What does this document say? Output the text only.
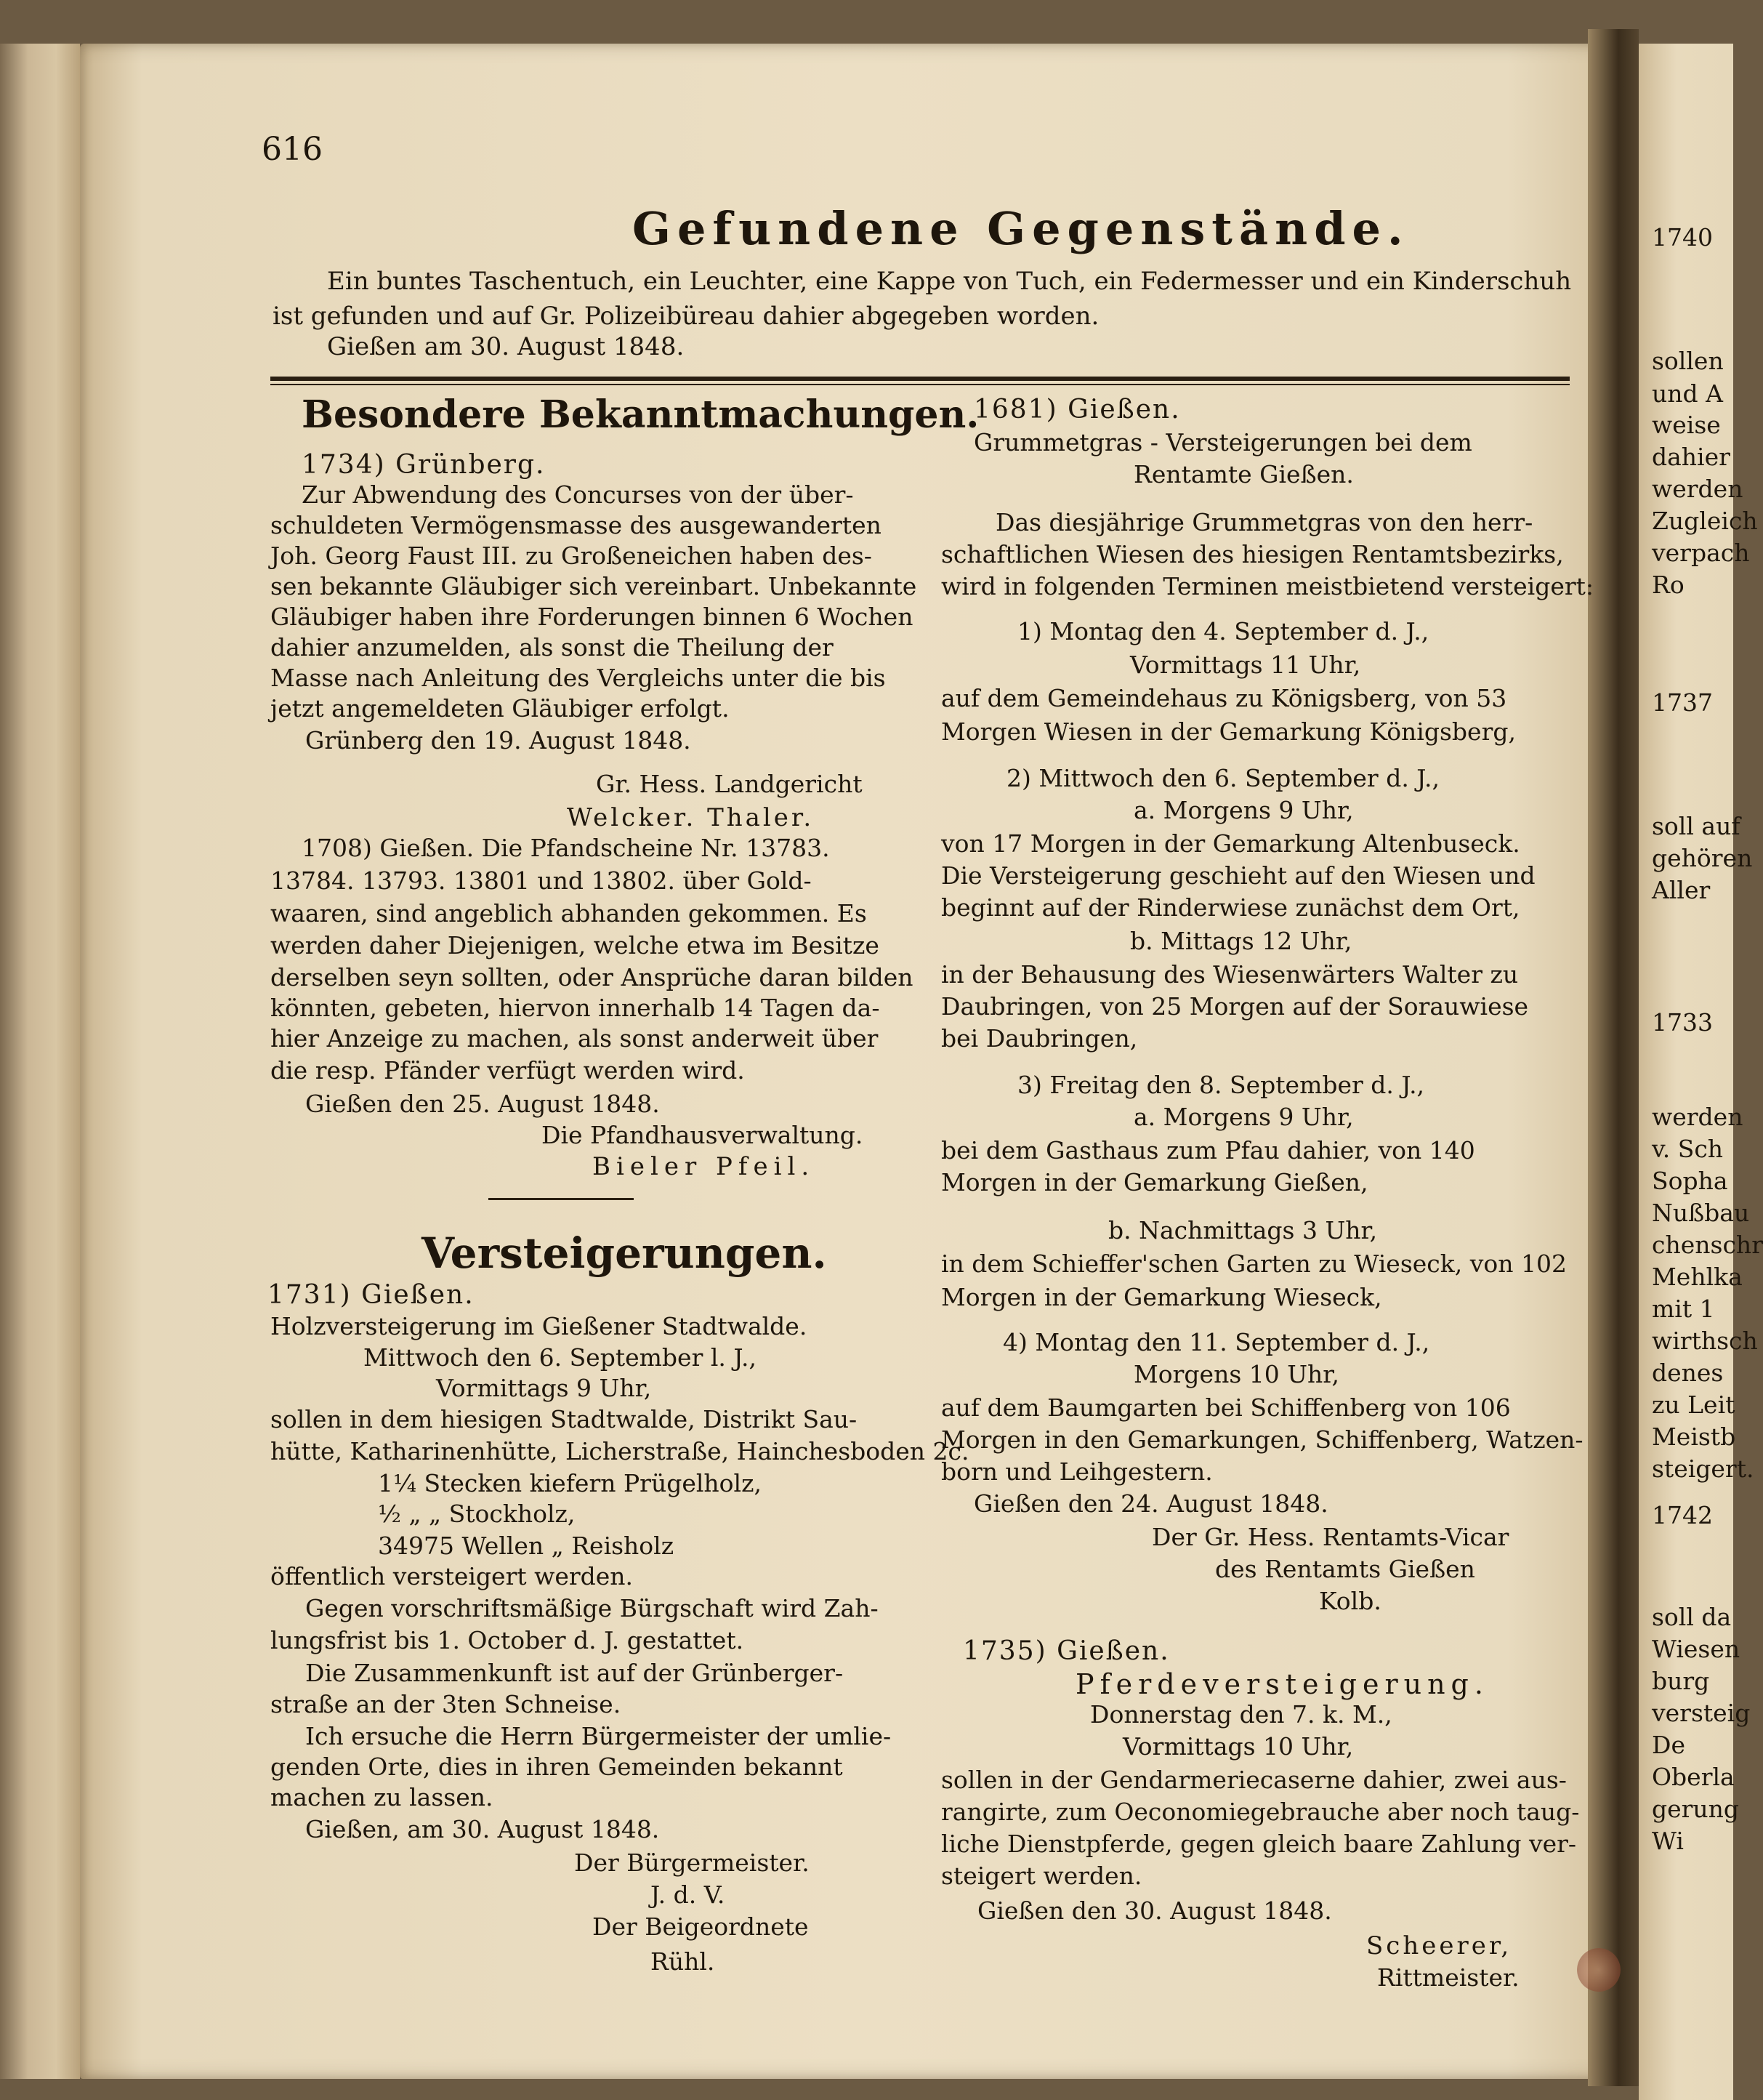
1740
sollen
und A
weise
dahier
werden
Zugleich
verpach
Ro
1737
soll auf
gehören
Aller
1733
werden
v. Sch
Sopha
Nußbau
chenschr
Mehlka
mit 1
wirthsch
denes
zu Leit
Meistb
steigert.
1742
soll da
Wiesen
burg
versteig
De
Oberla
gerung
Wi
616
Gefundene Gegenstände.
Ein buntes Taschentuch, ein Leuchter, eine Kappe von Tuch, ein Federmesser und ein Kinderschuh
ist gefunden und auf Gr. Polizeibüreau dahier abgegeben worden.
Gießen am 30. August 1848.
Besondere Bekanntmachungen.
1734) Grünberg.
Zur Abwendung des Concurses von der über-
schuldeten Vermögensmasse des ausgewanderten
Joh. Georg Faust III. zu Großeneichen haben des-
sen bekannte Gläubiger sich vereinbart. Unbekannte
Gläubiger haben ihre Forderungen binnen 6 Wochen
dahier anzumelden, als sonst die Theilung der
Masse nach Anleitung des Vergleichs unter die bis
jetzt angemeldeten Gläubiger erfolgt.
Grünberg den 19. August 1848.
Gr. Hess. Landgericht
Welcker. Thaler.
1708) Gießen. Die Pfandscheine Nr. 13783.
13784. 13793. 13801 und 13802. über Gold-
waaren, sind angeblich abhanden gekommen. Es
werden daher Diejenigen, welche etwa im Besitze
derselben seyn sollten, oder Ansprüche daran bilden
könnten, gebeten, hiervon innerhalb 14 Tagen da-
hier Anzeige zu machen, als sonst anderweit über
die resp. Pfänder verfügt werden wird.
Gießen den 25. August 1848.
Die Pfandhausverwaltung.
Bieler Pfeil.
Versteigerungen.
1731) Gießen.
Holzversteigerung im Gießener Stadtwalde.
Mittwoch den 6. September l. J.,
Vormittags 9 Uhr,
sollen in dem hiesigen Stadtwalde, Distrikt Sau-
hütte, Katharinenhütte, Licherstraße, Hainchesboden 2c.
1¼ Stecken kiefern Prügelholz,
½ „ „ Stockholz,
34975 Wellen „ Reisholz
öffentlich versteigert werden.
Gegen vorschriftsmäßige Bürgschaft wird Zah-
lungsfrist bis 1. October d. J. gestattet.
Die Zusammenkunft ist auf der Grünberger-
straße an der 3ten Schneise.
Ich ersuche die Herrn Bürgermeister der umlie-
genden Orte, dies in ihren Gemeinden bekannt
machen zu lassen.
Gießen, am 30. August 1848.
Der Bürgermeister.
J. d. V.
Der Beigeordnete
Rühl.
1681) Gießen.
Grummetgras - Versteigerungen bei dem
Rentamte Gießen.
Das diesjährige Grummetgras von den herr-
schaftlichen Wiesen des hiesigen Rentamtsbezirks,
wird in folgenden Terminen meistbietend versteigert:
1) Montag den 4. September d. J.,
Vormittags 11 Uhr,
auf dem Gemeindehaus zu Königsberg, von 53
Morgen Wiesen in der Gemarkung Königsberg,
2) Mittwoch den 6. September d. J.,
a. Morgens 9 Uhr,
von 17 Morgen in der Gemarkung Altenbuseck.
Die Versteigerung geschieht auf den Wiesen und
beginnt auf der Rinderwiese zunächst dem Ort,
b. Mittags 12 Uhr,
in der Behausung des Wiesenwärters Walter zu
Daubringen, von 25 Morgen auf der Sorauwiese
bei Daubringen,
3) Freitag den 8. September d. J.,
a. Morgens 9 Uhr,
bei dem Gasthaus zum Pfau dahier, von 140
Morgen in der Gemarkung Gießen,
b. Nachmittags 3 Uhr,
in dem Schieffer'schen Garten zu Wieseck, von 102
Morgen in der Gemarkung Wieseck,
4) Montag den 11. September d. J.,
Morgens 10 Uhr,
auf dem Baumgarten bei Schiffenberg von 106
Morgen in den Gemarkungen, Schiffenberg, Watzen-
born und Leihgestern.
Gießen den 24. August 1848.
Der Gr. Hess. Rentamts-Vicar
des Rentamts Gießen
Kolb.
1735) Gießen.
Pferdeversteigerung.
Donnerstag den 7. k. M.,
Vormittags 10 Uhr,
sollen in der Gendarmeriecaserne dahier, zwei aus-
rangirte, zum Oeconomiegebrauche aber noch taug-
liche Dienstpferde, gegen gleich baare Zahlung ver-
steigert werden.
Gießen den 30. August 1848.
Scheerer,
Rittmeister.
